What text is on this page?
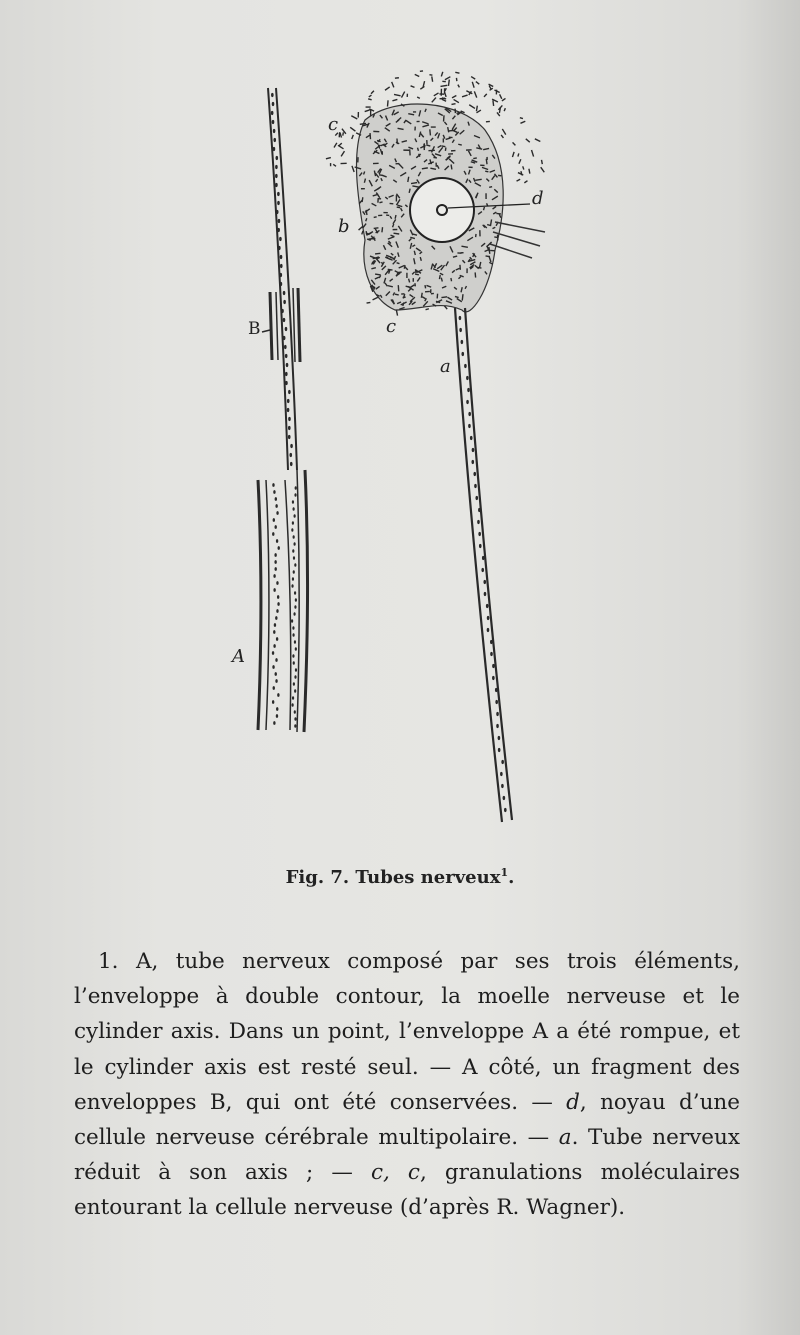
c
d
b
c
a
B
A
Fig. 7. Tubes nerveux$^1$.
1. A, tube nerveux composé par ses trois éléments, l’enveloppe à double contour, la moelle nerveuse et le cylinder axis. Dans un point, l’enveloppe A a été rompue, et le cylinder axis est resté seul. — A côté, un fragment des enveloppes B, qui ont été conservées. — d, noyau d’une cellule nerveuse cérébrale multipolaire. — a. Tube nerveux réduit à son axis ; — c, c, granulations moléculaires entourant la cellule nerveuse (d’après R. Wagner).
